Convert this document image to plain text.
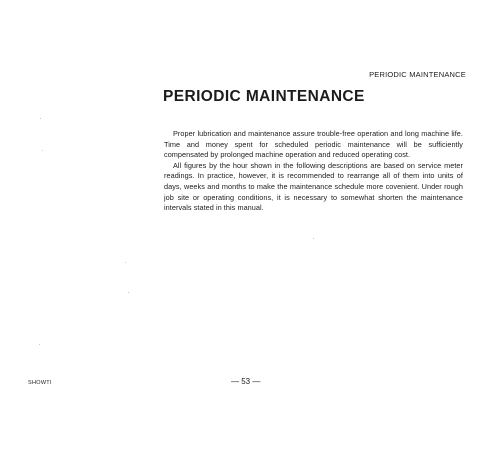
PERIODIC MAINTENANCE
PERIODIC MAINTENANCE

Proper lubrication and maintenance assure trouble-free operation and long machine life. Time and money spent for scheduled periodic maintenance will be sufficiently compensated by prolonged machine operation and reduced operating cost.

All figures by the hour shown in the following descriptions are based on service meter readings. In practice, however, it is recommended to rearrange all of them into units of days, weeks and months to make the maintenance schedule more covenient. Under rough job site or operating conditions, it is necessary to somewhat shorten the maintenance intervals stated in this manual.

SHOWTI	— 53 —
